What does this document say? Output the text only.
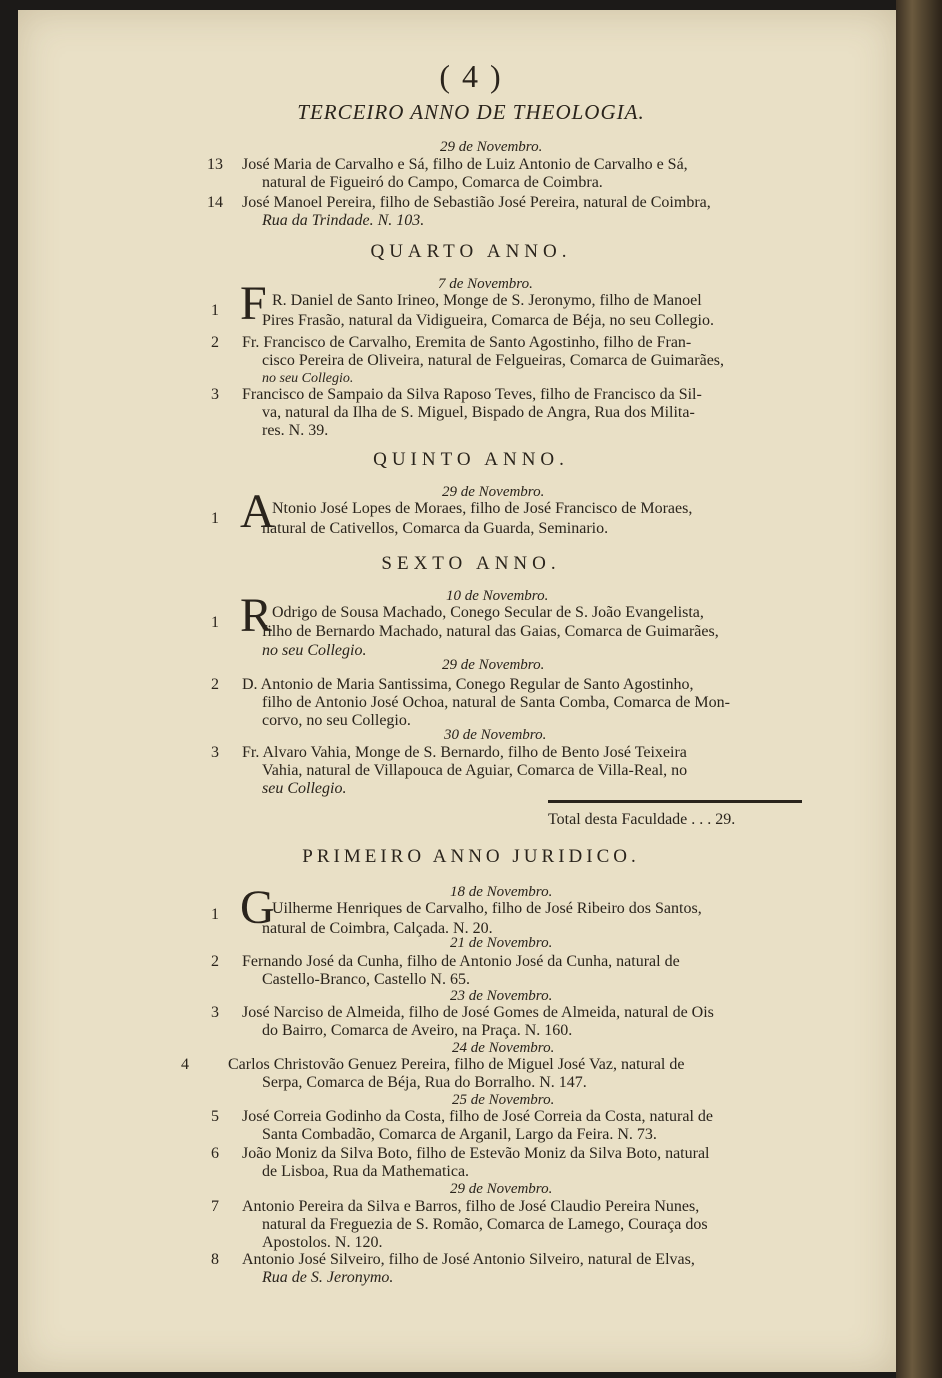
( 4 )
TERCEIRO ANNO DE THEOLOGIA.
29 de Novembro.
13	José Maria de Carvalho e Sá, filho de Luiz Antonio de Carvalho e Sá,
natural de Figueiró do Campo, Comarca de Coimbra.
14	José Manoel Pereira, filho de Sebastião José Pereira, natural de Coimbra,
Rua da Trindade. N. 103.
QUARTO ANNO.
7 de Novembro.
1 F R. Daniel de Santo Irineo, Monge de S. Jeronymo, filho de Manoel
Pires Frasão, natural da Vidigueira, Comarca de Béja, no seu Collegio.
2	Fr. Francisco de Carvalho, Eremita de Santo Agostinho, filho de Fran-
cisco Pereira de Oliveira, natural de Felgueiras, Comarca de Guimarães,
no seu Collegio.
3	Francisco de Sampaio da Silva Raposo Teves, filho de Francisco da Sil-
va, natural da Ilha de S. Miguel, Bispado de Angra, Rua dos Milita-
res. N. 39.
QUINTO ANNO.
29 de Novembro.
1 A
Ntonio José Lopes de Moraes, filho de José Francisco de Moraes,
natural de Cativellos, Comarca da Guarda, Seminario.
SEXTO ANNO.
10 de Novembro.
1 R Odrigo de Sousa Machado, Conego Secular de S. João Evangelista,
filho de Bernardo Machado, natural das Gaias, Comarca de Guimarães,
no seu Collegio.
29 de Novembro.
2	D. Antonio de Maria Santissima, Conego Regular de Santo Agostinho,
filho de Antonio José Ochoa, natural de Santa Comba, Comarca de Mon-
corvo, no seu Collegio.
30 de Novembro.
3	Fr. Alvaro Vahia, Monge de S. Bernardo, filho de Bento José Teixeira
Vahia, natural de Villapouca de Aguiar, Comarca de Villa-Real, no
seu Collegio.
Total desta Faculdade . . . 29.
PRIMEIRO ANNO JURIDICO.
18 de Novembro.
1 G
Uilherme Henriques de Carvalho, filho de José Ribeiro dos Santos,
natural de Coimbra, Calçada. N. 20.
21 de Novembro.
2	Fernando José da Cunha, filho de Antonio José da Cunha, natural de
Castello-Branco, Castello N. 65.
23 de Novembro.
3	José Narciso de Almeida, filho de José Gomes de Almeida, natural de Ois
do Bairro, Comarca de Aveiro, na Praça. N. 160.
24 de Novembro.
4	Carlos Christovão Genuez Pereira, filho de Miguel José Vaz, natural de
Serpa, Comarca de Béja, Rua do Borralho. N. 147.
25 de Novembro.
5	José Correia Godinho da Costa, filho de José Correia da Costa, natural de
Santa Combadão, Comarca de Arganil, Largo da Feira. N. 73.
6	João Moniz da Silva Boto, filho de Estevão Moniz da Silva Boto, natural
de Lisboa, Rua da Mathematica.
29 de Novembro.
7	Antonio Pereira da Silva e Barros, filho de José Claudio Pereira Nunes,
natural da Freguezia de S. Romão, Comarca de Lamego, Couraça dos
Apostolos. N. 120.
8	Antonio José Silveiro, filho de José Antonio Silveiro, natural de Elvas,
Rua de S. Jeronymo.
